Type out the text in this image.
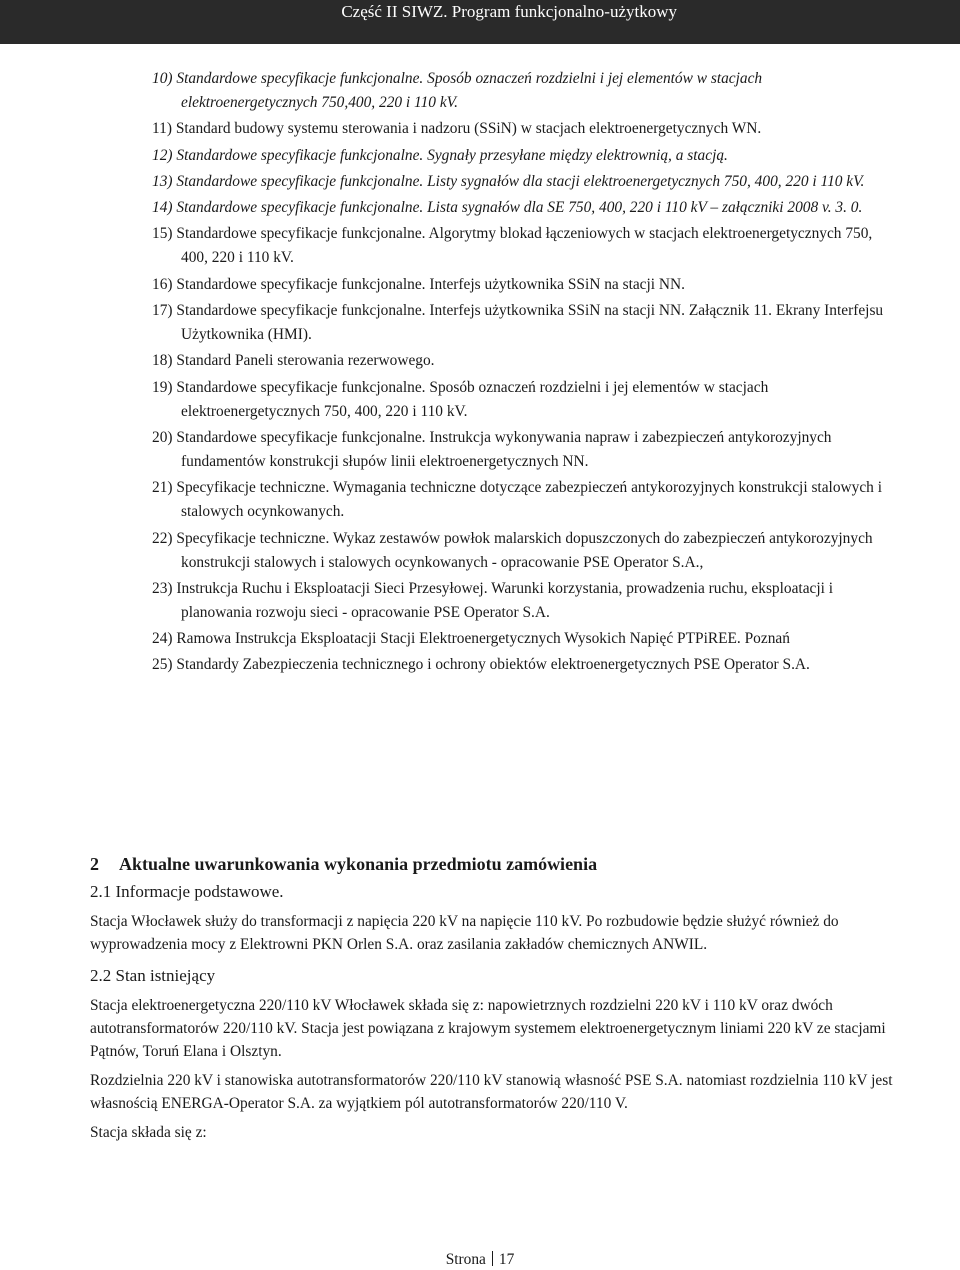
Część II SIWZ. Program funkcjonalno-użytkowy
10) Standardowe specyfikacje funkcjonalne. Sposób oznaczeń rozdzielni i jej elementów w stacjach elektroenergetycznych 750,400, 220 i 110 kV.
11) Standard budowy systemu sterowania i nadzoru (SSiN) w stacjach elektroenergetycznych WN.
12) Standardowe specyfikacje funkcjonalne. Sygnały przesyłane między elektrownią, a stacją.
13) Standardowe specyfikacje funkcjonalne. Listy sygnałów dla stacji elektroenergetycznych 750, 400, 220 i 110 kV.
14) Standardowe specyfikacje funkcjonalne. Lista sygnałów dla SE 750, 400, 220 i 110 kV – załączniki 2008 v. 3. 0.
15) Standardowe specyfikacje funkcjonalne. Algorytmy blokad łączeniowych w stacjach elektroenergetycznych 750, 400, 220 i 110 kV.
16) Standardowe specyfikacje funkcjonalne. Interfejs użytkownika SSiN na stacji NN.
17) Standardowe specyfikacje funkcjonalne. Interfejs użytkownika SSiN na stacji NN. Załącznik 11. Ekrany Interfejsu Użytkownika (HMI).
18) Standard Paneli sterowania rezerwowego.
19) Standardowe specyfikacje funkcjonalne. Sposób oznaczeń rozdzielni i jej elementów w stacjach elektroenergetycznych 750, 400, 220 i 110 kV.
20) Standardowe specyfikacje funkcjonalne. Instrukcja wykonywania napraw i zabezpieczeń antykorozyjnych fundamentów konstrukcji słupów linii elektroenergetycznych NN.
21) Specyfikacje techniczne. Wymagania techniczne dotyczące zabezpieczeń antykorozyjnych konstrukcji stalowych i stalowych ocynkowanych.
22) Specyfikacje techniczne. Wykaz zestawów powłok malarskich dopuszczonych do zabezpieczeń antykorozyjnych konstrukcji stalowych i stalowych ocynkowanych - opracowanie PSE Operator S.A.,
23) Instrukcja Ruchu i Eksploatacji Sieci Przesyłowej. Warunki korzystania, prowadzenia ruchu, eksploatacji i planowania rozwoju sieci - opracowanie PSE Operator S.A.
24) Ramowa Instrukcja Eksploatacji Stacji Elektroenergetycznych Wysokich Napięć PTPiREE. Poznań
25) Standardy Zabezpieczenia technicznego i ochrony obiektów elektroenergetycznych PSE Operator S.A.
2	Aktualne uwarunkowania wykonania przedmiotu zamówienia
2.1 Informacje podstawowe.

Stacja Włocławek służy do transformacji z napięcia 220 kV na napięcie 110 kV. Po rozbudowie będzie służyć również do wyprowadzenia mocy z Elektrowni PKN Orlen S.A. oraz zasilania zakładów chemicznych ANWIL.

2.2 Stan istniejący

Stacja elektroenergetyczna 220/110 kV Włocławek składa się z: napowietrznych rozdzielni 220 kV i 110 kV oraz dwóch autotransformatorów 220/110 kV. Stacja jest powiązana z krajowym systemem elektroenergetycznym liniami 220 kV ze stacjami Pątnów, Toruń Elana i Olsztyn.

Rozdzielnia 220 kV i stanowiska autotransformatorów 220/110 kV stanowią własność PSE S.A. natomiast rozdzielnia 110 kV jest własnością ENERGA-Operator S.A. za wyjątkiem pól autotransformatorów 220/110 V.

Stacja składa się z:

Strona 17
